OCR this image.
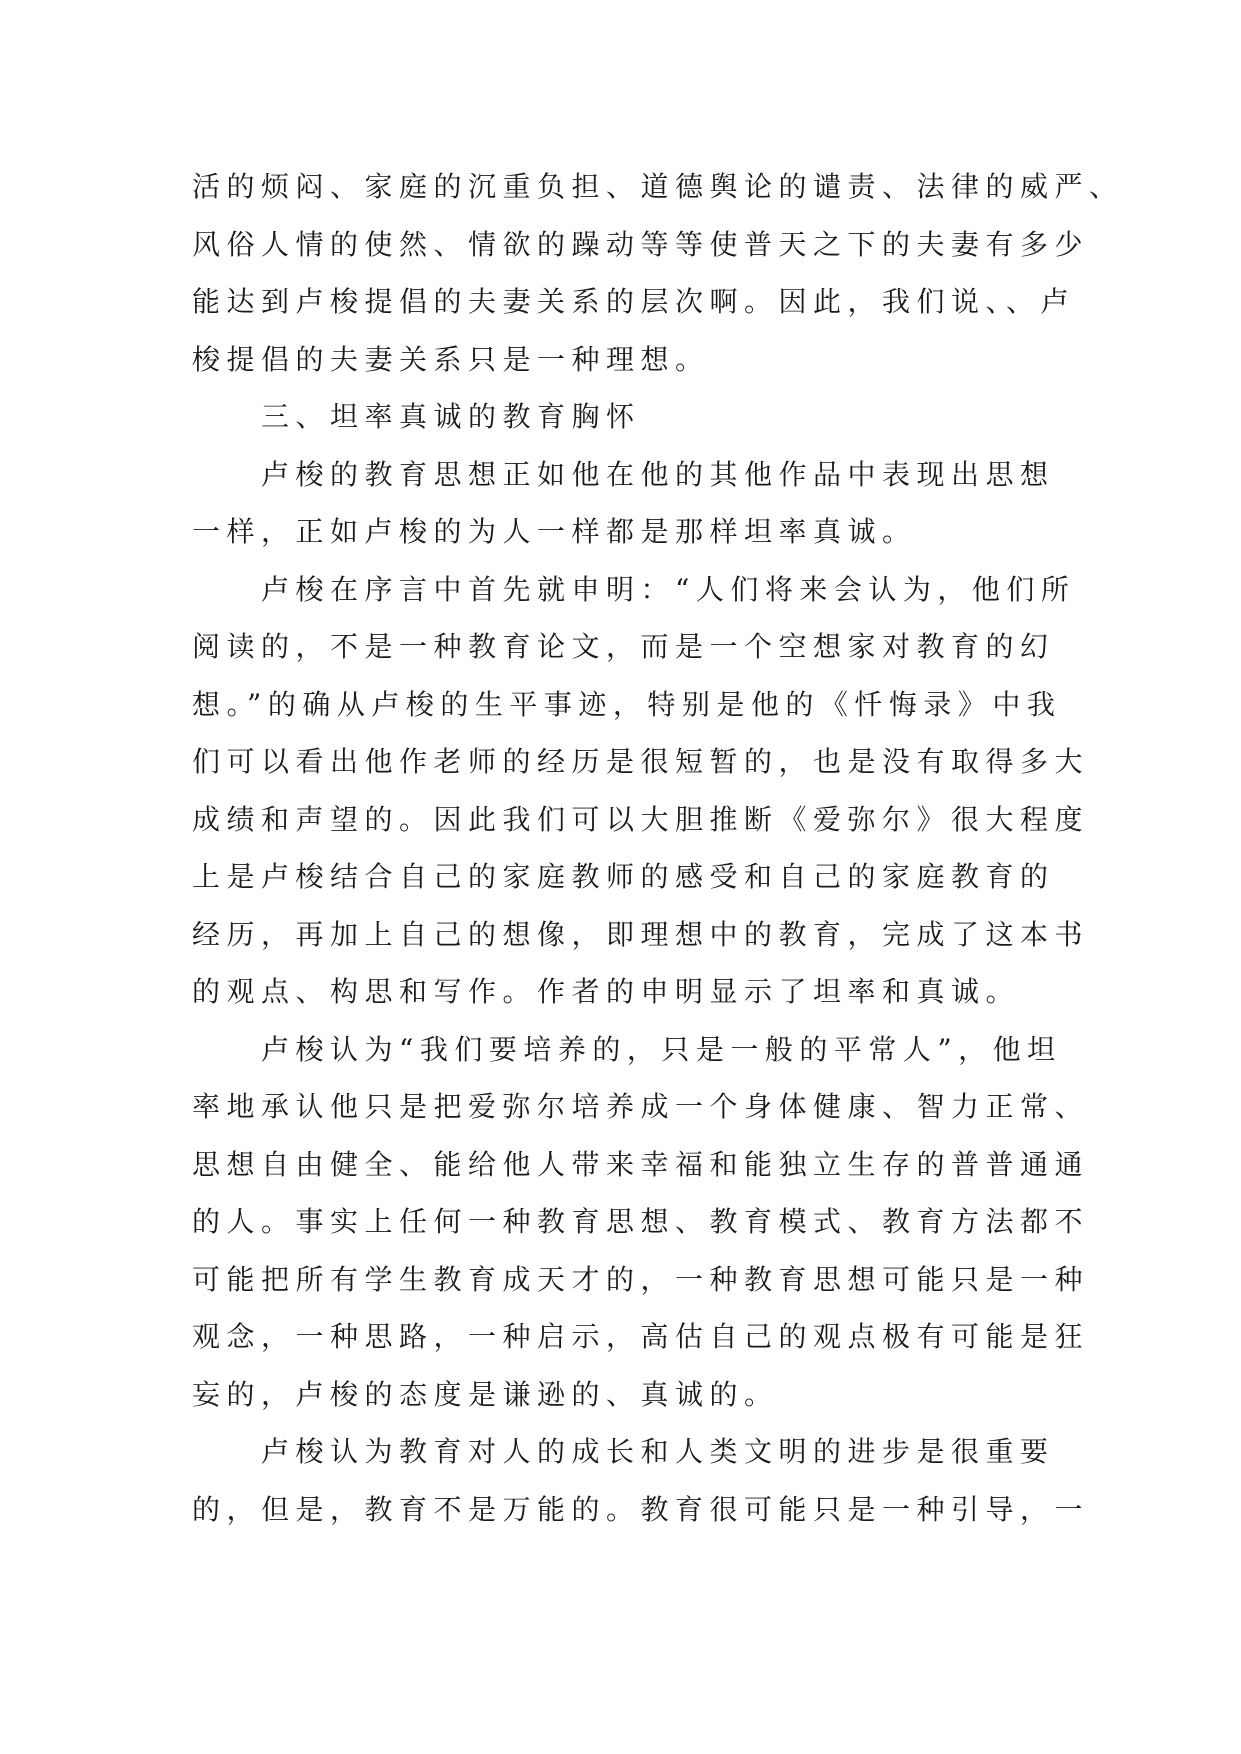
活的烦闷、家庭的沉重负担、道德舆论的谴责、法律的威严、
风俗人情的使然、情欲的躁动等等使普天之下的夫妻有多少
能达到卢梭提倡的夫妻关系的层次啊。因此，我们说、、卢
梭提倡的夫妻关系只是一种理想。
　　三、坦率真诚的教育胸怀
　　卢梭的教育思想正如他在他的其他作品中表现出思想
一样，正如卢梭的为人一样都是那样坦率真诚。
　　卢梭在序言中首先就申明：“人们将来会认为，他们所
阅读的，不是一种教育论文，而是一个空想家对教育的幻
想。”的确从卢梭的生平事迹，特别是他的《忏悔录》中我
们可以看出他作老师的经历是很短暂的，也是没有取得多大
成绩和声望的。因此我们可以大胆推断《爱弥尔》很大程度
上是卢梭结合自己的家庭教师的感受和自己的家庭教育的
经历，再加上自己的想像，即理想中的教育，完成了这本书
的观点、构思和写作。作者的申明显示了坦率和真诚。
　　卢梭认为“我们要培养的，只是一般的平常人”，他坦
率地承认他只是把爱弥尔培养成一个身体健康、智力正常、
思想自由健全、能给他人带来幸福和能独立生存的普普通通
的人。事实上任何一种教育思想、教育模式、教育方法都不
可能把所有学生教育成天才的，一种教育思想可能只是一种
观念，一种思路，一种启示，高估自己的观点极有可能是狂
妄的，卢梭的态度是谦逊的、真诚的。
　　卢梭认为教育对人的成长和人类文明的进步是很重要
的，但是，教育不是万能的。教育很可能只是一种引导，一
